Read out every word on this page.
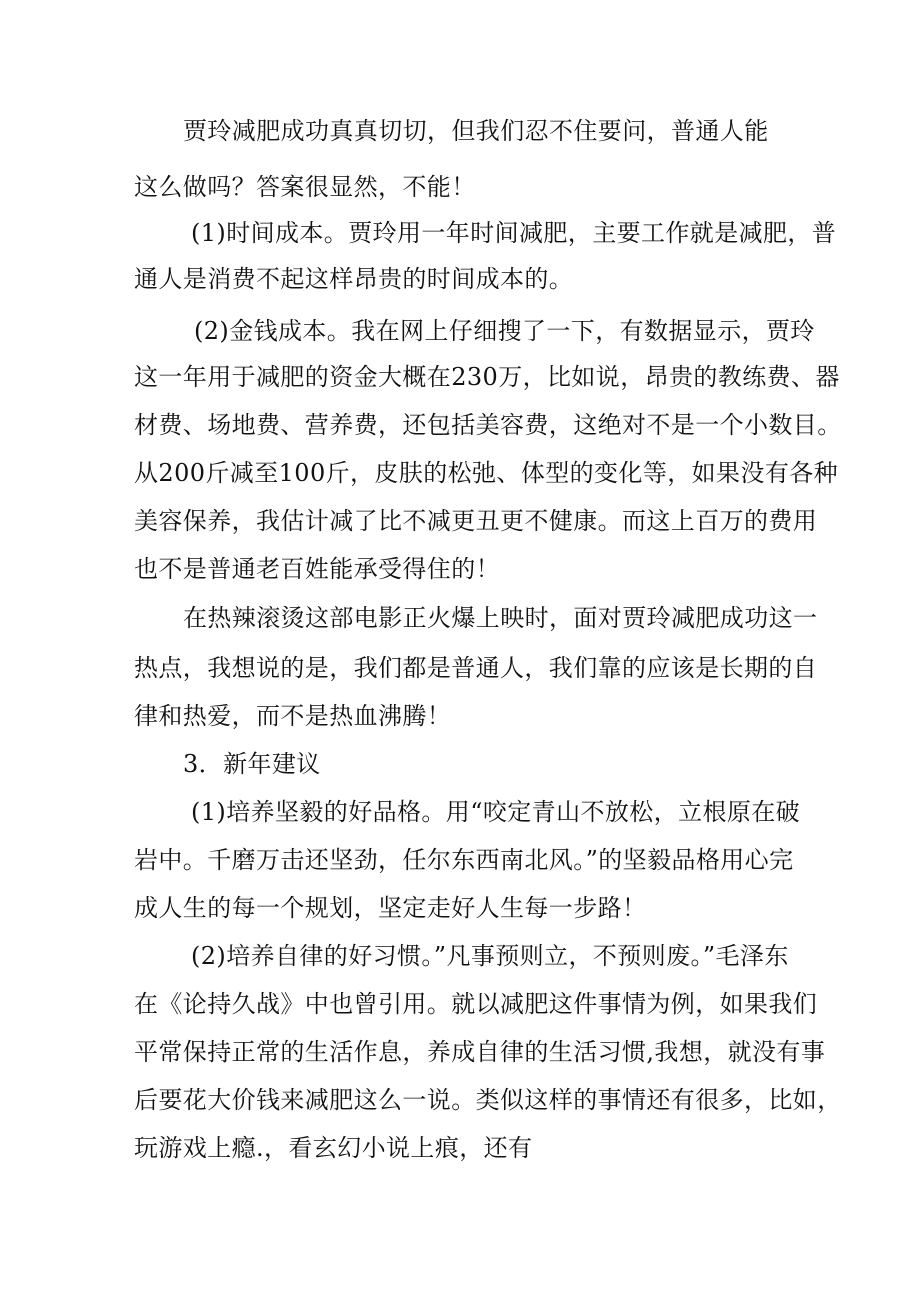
贾玲减肥成功真真切切，但我们忍不住要问，普通人能
这么做吗？答案很显然，不能！
(1)时间成本。贾玲用一年时间减肥，主要工作就是减肥，普
通人是消费不起这样昂贵的时间成本的。
(2)金钱成本。我在网上仔细搜了一下，有数据显示，贾玲
这一年用于减肥的资金大概在230万，比如说，昂贵的教练费、器
材费、场地费、营养费，还包括美容费，这绝对不是一个小数目。
从200斤减至100斤，皮肤的松弛、体型的变化等，如果没有各种
美容保养，我估计减了比不减更丑更不健康。而这上百万的费用
也不是普通老百姓能承受得住的！
在热辣滚烫这部电影正火爆上映时，面对贾玲减肥成功这一
热点，我想说的是，我们都是普通人，我们靠的应该是长期的自
律和热爱，而不是热血沸腾！
3．新年建议
(1)培养坚毅的好品格。用“咬定青山不放松，立根原在破
岩中。千磨万击还坚劲，任尔东西南北风。”的坚毅品格用心完
成人生的每一个规划，坚定走好人生每一步路！
(2)培养自律的好习惯。”凡事预则立，不预则废。”毛泽东
在《论持久战》中也曾引用。就以减肥这件事情为例，如果我们
平常保持正常的生活作息，养成自律的生活习惯,我想，就没有事
后要花大价钱来减肥这么一说。类似这样的事情还有很多，比如，
玩游戏上瘾.，看玄幻小说上痕，还有
